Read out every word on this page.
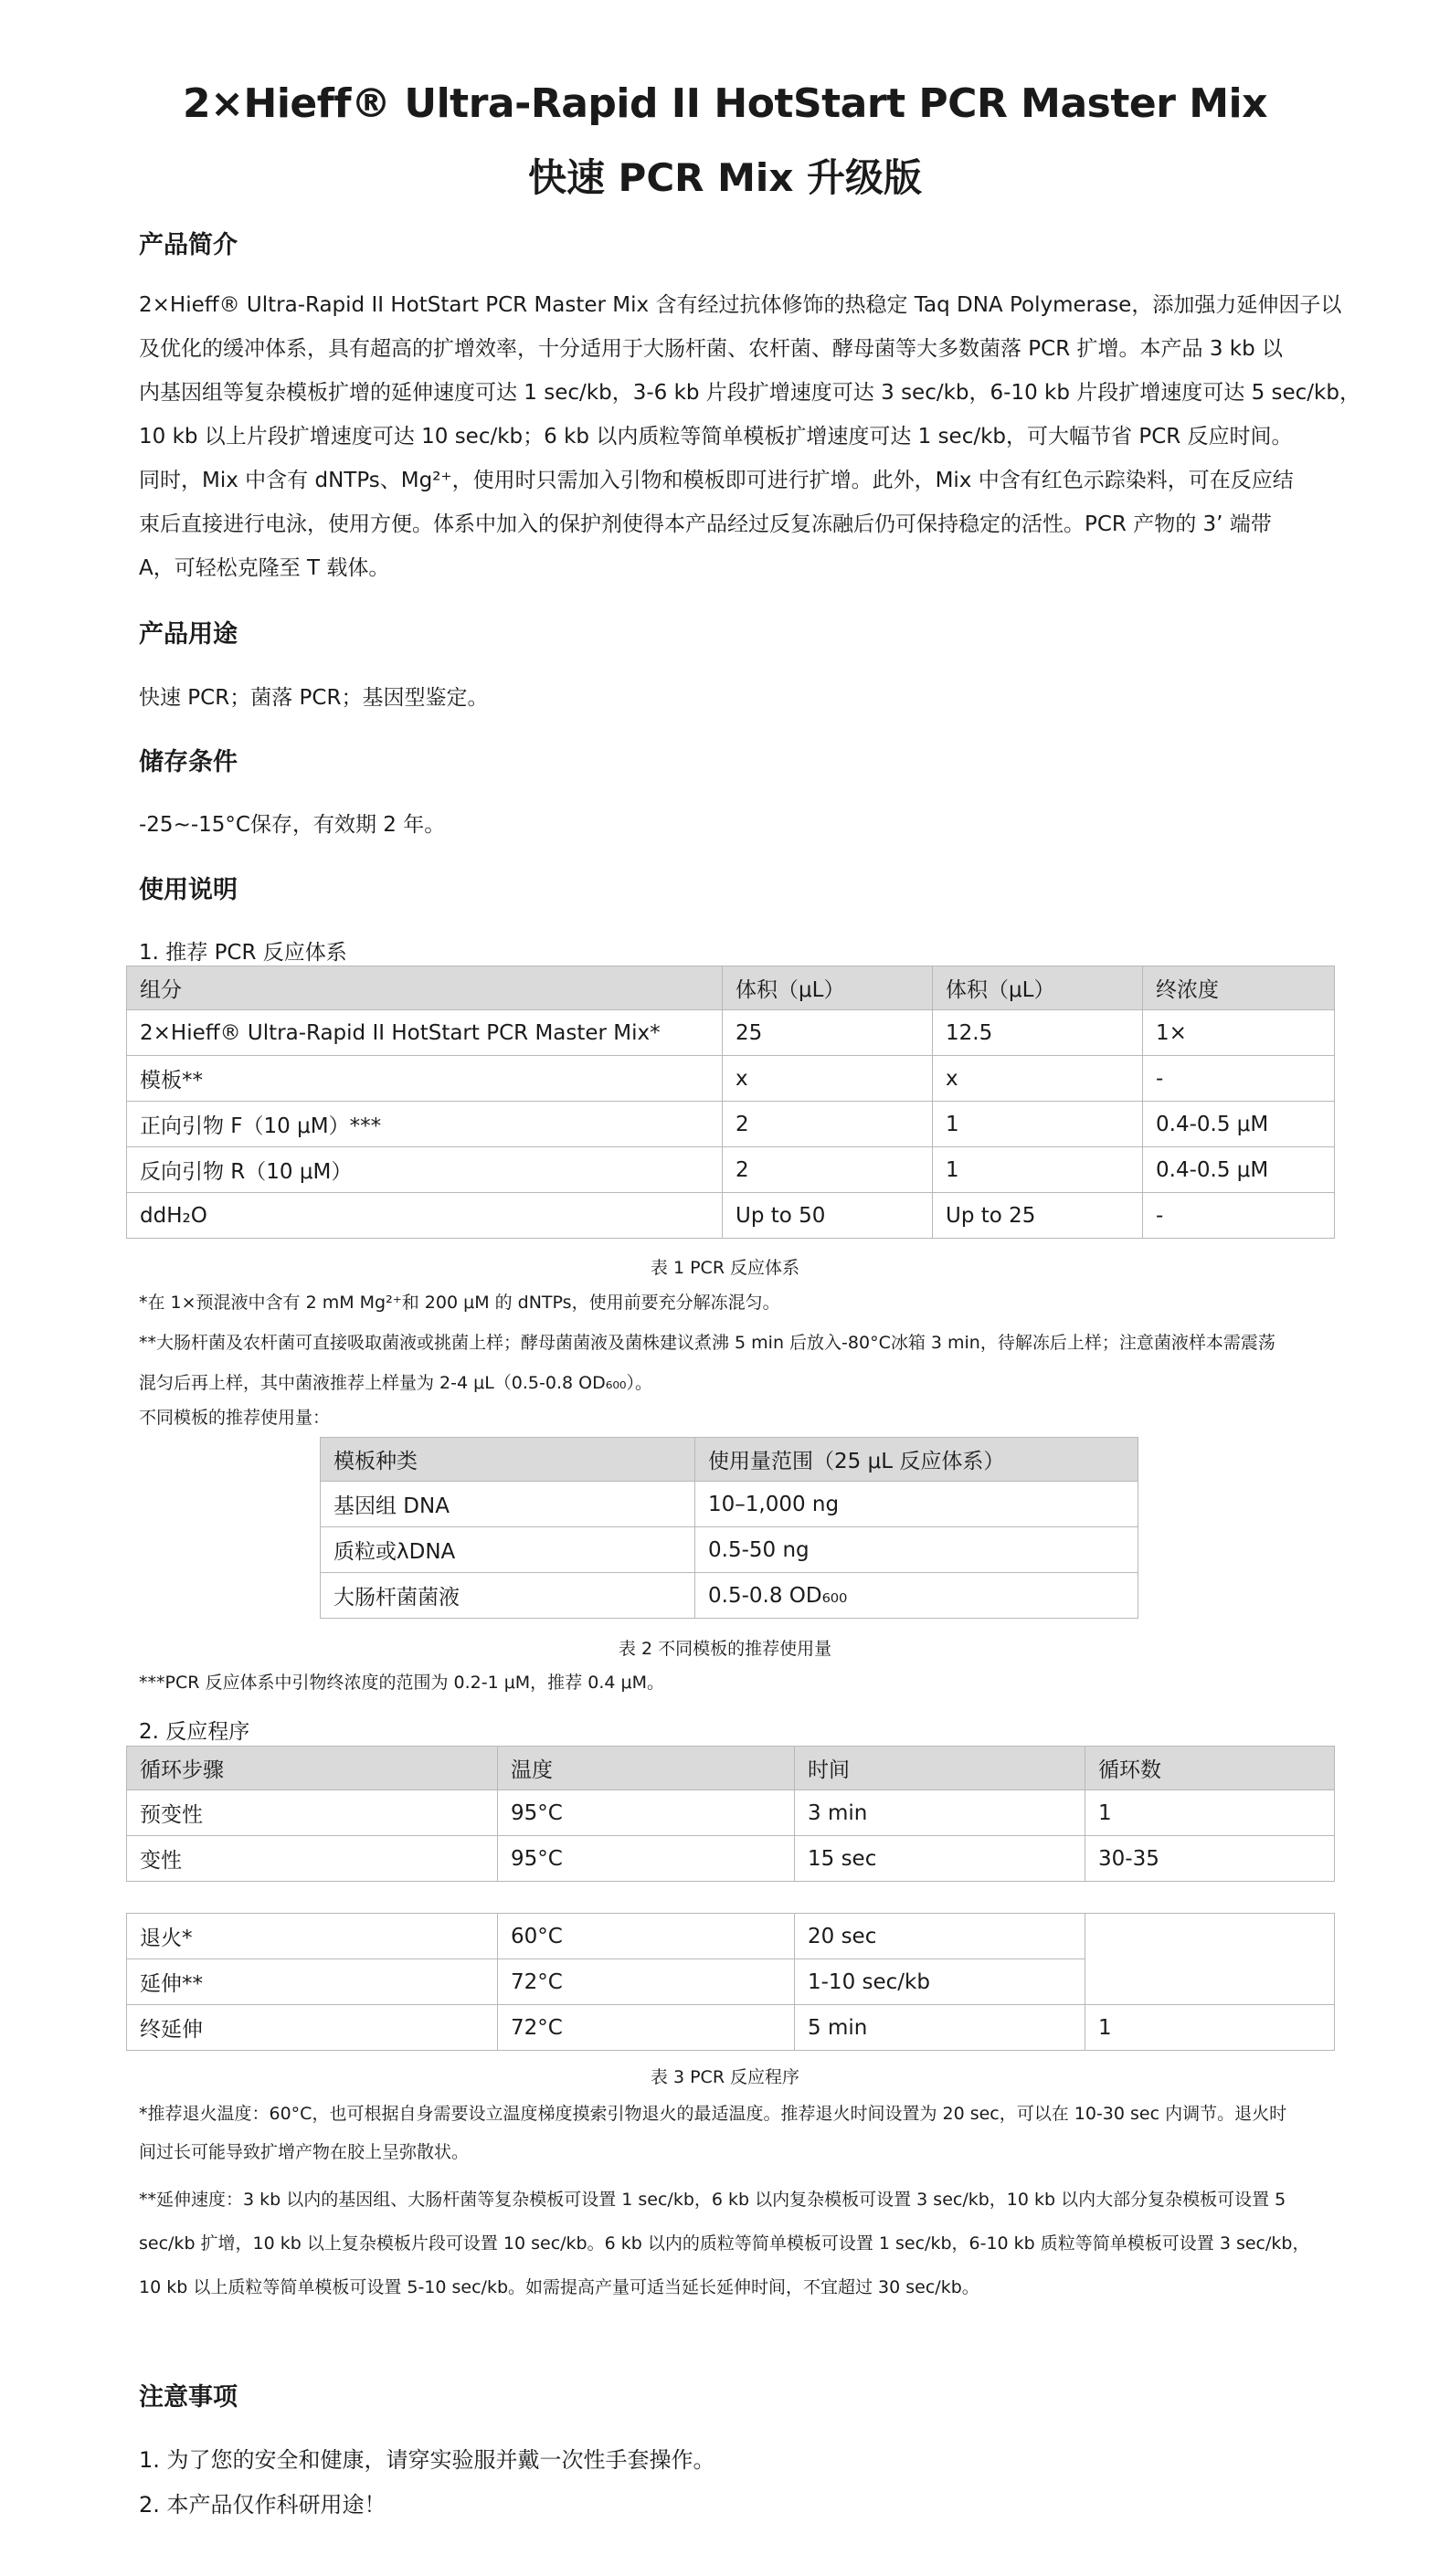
2×Hieff® Ultra-Rapid II HotStart PCR Master Mix
快速 PCR Mix 升级版
产品简介
2×Hieff® Ultra-Rapid II HotStart PCR Master Mix 含有经过抗体修饰的热稳定 Taq DNA Polymerase，添加强力延伸因子以
及优化的缓冲体系，具有超高的扩增效率，十分适用于大肠杆菌、农杆菌、酵母菌等大多数菌落 PCR 扩增。本产品 3 kb 以
内基因组等复杂模板扩增的延伸速度可达 1 sec/kb，3-6 kb 片段扩增速度可达 3 sec/kb，6-10 kb 片段扩增速度可达 5 sec/kb，
10 kb 以上片段扩增速度可达 10 sec/kb；6 kb 以内质粒等简单模板扩增速度可达 1 sec/kb，可大幅节省 PCR 反应时间。
同时，Mix 中含有 dNTPs、Mg²⁺，使用时只需加入引物和模板即可进行扩增。此外，Mix 中含有红色示踪染料，可在反应结
束后直接进行电泳，使用方便。体系中加入的保护剂使得本产品经过反复冻融后仍可保持稳定的活性。PCR 产物的 3’ 端带
A，可轻松克隆至 T 载体。
产品用途
快速 PCR；菌落 PCR；基因型鉴定。
储存条件
-25~-15°C保存，有效期 2 年。
使用说明
1. 推荐 PCR 反应体系
组分	体积（μL）	体积（μL）	终浓度
2×Hieff® Ultra-Rapid II HotStart PCR Master Mix*	25	12.5	1×
模板**	x	x	-
正向引物 F（10 μM）***	2	1	0.4-0.5 μM
反向引物 R（10 μM）	2	1	0.4-0.5 μM
ddH₂O	Up to 50	Up to 25	-
表 1 PCR 反应体系
*在 1×预混液中含有 2 mM Mg²⁺和 200 μM 的 dNTPs，使用前要充分解冻混匀。
**大肠杆菌及农杆菌可直接吸取菌液或挑菌上样；酵母菌菌液及菌株建议煮沸 5 min 后放入-80°C冰箱 3 min，待解冻后上样；注意菌液样本需震荡
混匀后再上样，其中菌液推荐上样量为 2-4 μL（0.5-0.8 OD₆₀₀）。
不同模板的推荐使用量：
模板种类	使用量范围（25 μL 反应体系）
基因组 DNA	10–1,000 ng
质粒或λDNA	0.5-50 ng
大肠杆菌菌液	0.5-0.8 OD₆₀₀
表 2 不同模板的推荐使用量
***PCR 反应体系中引物终浓度的范围为 0.2-1 μM，推荐 0.4 μM。
2. 反应程序
循环步骤	温度	时间	循环数
预变性	95°C	3 min	1
变性	95°C	15 sec	30-35
退火*	60°C	20 sec	
延伸**	72°C	1-10 sec/kb	
终延伸	72°C	5 min	1
表 3 PCR 反应程序
*推荐退火温度：60°C，也可根据自身需要设立温度梯度摸索引物退火的最适温度。推荐退火时间设置为 20 sec，可以在 10-30 sec 内调节。退火时
间过长可能导致扩增产物在胶上呈弥散状。
**延伸速度：3 kb 以内的基因组、大肠杆菌等复杂模板可设置 1 sec/kb，6 kb 以内复杂模板可设置 3 sec/kb，10 kb 以内大部分复杂模板可设置 5
sec/kb 扩增，10 kb 以上复杂模板片段可设置 10 sec/kb。6 kb 以内的质粒等简单模板可设置 1 sec/kb，6-10 kb 质粒等简单模板可设置 3 sec/kb，
10 kb 以上质粒等简单模板可设置 5-10 sec/kb。如需提高产量可适当延长延伸时间，不宜超过 30 sec/kb。
注意事项
1. 为了您的安全和健康，请穿实验服并戴一次性手套操作。
2. 本产品仅作科研用途！
